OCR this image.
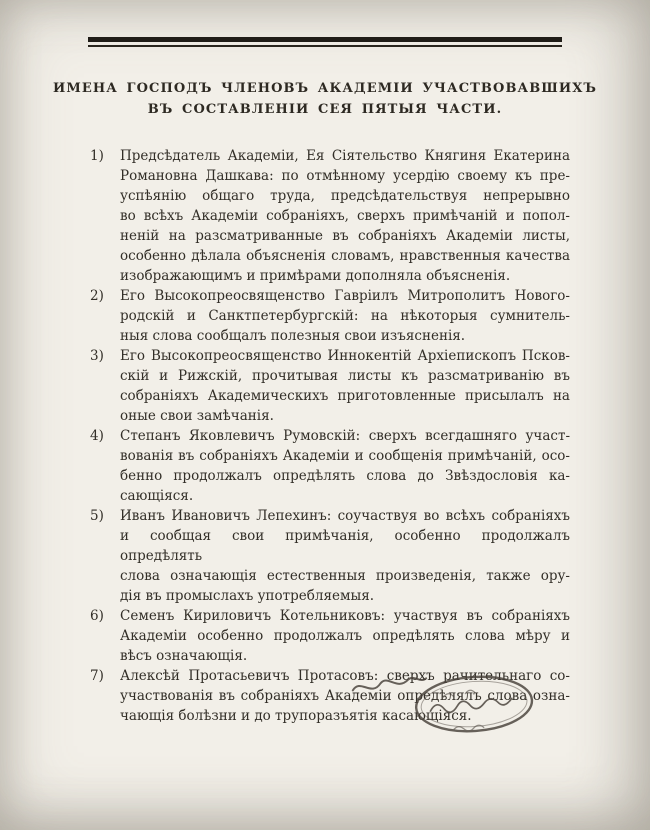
ИМЕНА ГОСПОДЪ ЧЛЕНОВЪ АКАДЕМІИ УЧАСТВОВАВШИХЪ
ВЪ СОСТАВЛЕНІИ СЕЯ ПЯТЫЯ ЧАСТИ.
1)	Предсѣдатель Академіи, Ея Сіятельство Княгиня Екатерина
Романовна Дашкава: по отмѣнному усердію своему къ пре-
успѣянію общаго труда, предсѣдательствуя непрерывно
во всѣхъ Академіи собраніяхъ, сверхъ примѣчаній и попол-
неній на разсматриванные въ собраніяхъ Академіи листы,
особенно дѣлала объясненія словамъ, нравственныя качества
изображающимъ и примѣрами дополняла объясненія.
2)	Его Высокопреосвященство Гавріилъ Митрополитъ Нового-
родскій и Санктпетербургскій: на нѣкоторыя сумнитель-
ныя слова сообщалъ полезныя свои изъясненія.
3)	Его Высокопреосвященство Иннокентій Архіепископъ Псков-
скій и Рижскій, прочитывая листы къ разсматриванію въ
собраніяхъ Академическихъ приготовленные присылалъ на
оные свои замѣчанія.
4)	Степанъ Яковлевичъ Румовскій: сверхъ всегдашняго участ-
вованія въ собраніяхъ Академіи и сообщенія примѣчаній, осо-
бенно продолжалъ опредѣлять слова до Звѣздословія ка-
сающіяся.
5)	Иванъ Ивановичъ Лепехинъ: соучаствуя во всѣхъ собраніяхъ
и сообщая свои примѣчанія, особенно продолжалъ опредѣлять
слова означающія естественныя произведенія, также ору-
дія въ промыслахъ употребляемыя.
6)	Семенъ Кириловичъ Котельниковъ: участвуя въ собраніяхъ
Академіи особенно продолжалъ опредѣлять слова мѣру и
вѣсъ означающія.
7)	Алексѣй Протасьевичъ Протасовъ: сверхъ рачительнаго со-
участвованія въ собраніяхъ Академіи опредѣлялъ слова озна-
чающія болѣзни и до трупоразъятія касающіяся.
